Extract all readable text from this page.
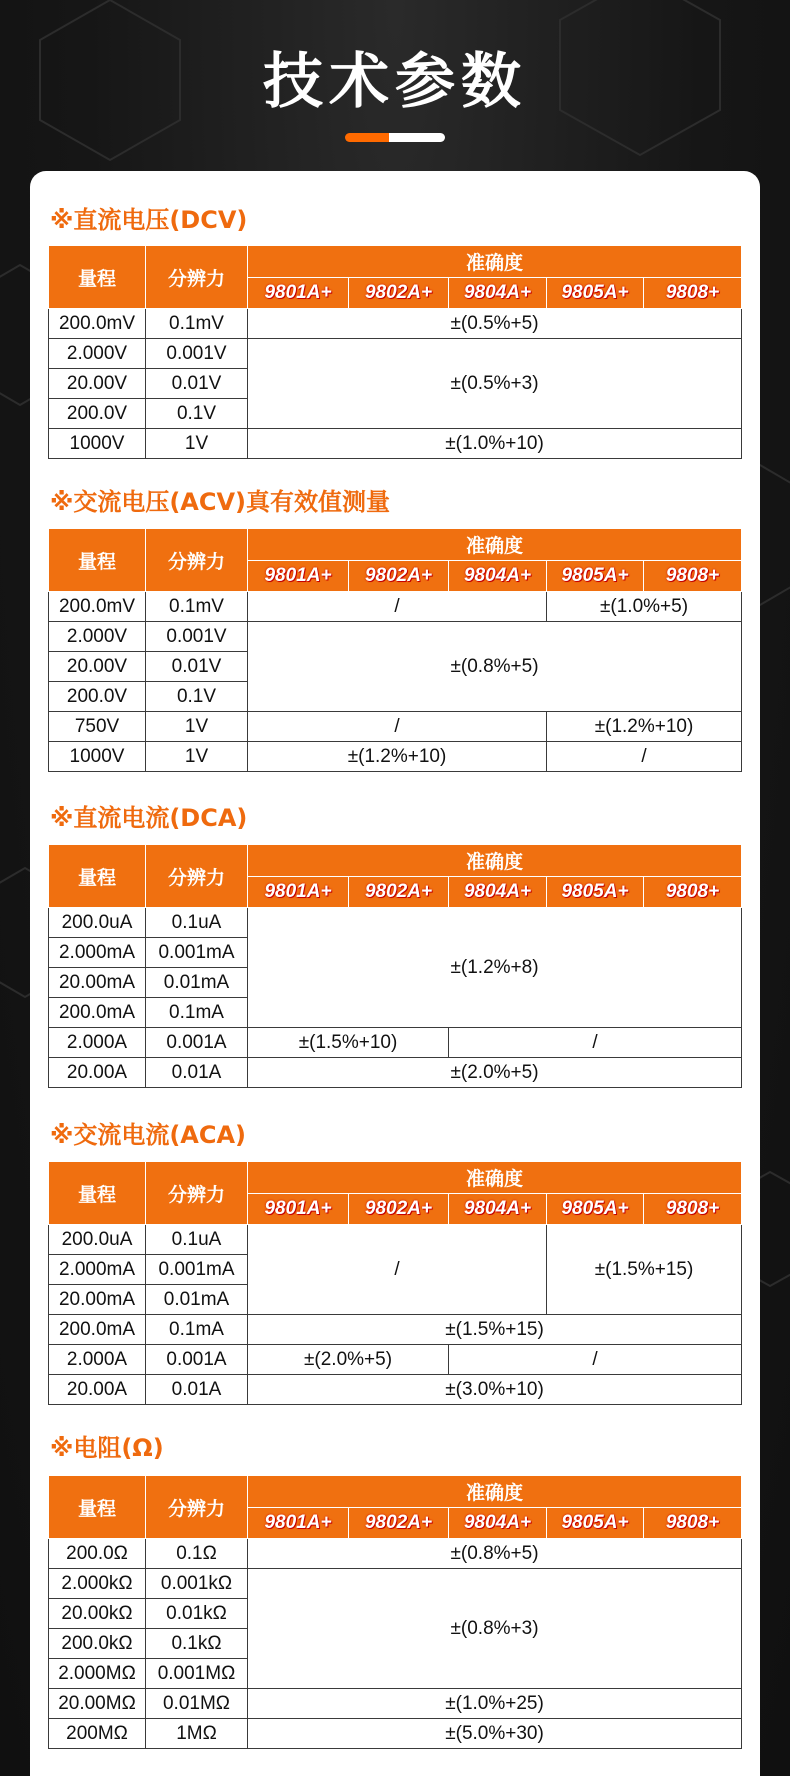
技术参数
※直流电压(DCV)
量程	分辨力	准确度				
		9801A+	9802A+	9804A+	9805A+	9808+
200.0mV	0.1mV	±(0.5%+5)				
2.000V	0.001V	±(0.5%+3)				
20.00V	0.01V					
200.0V	0.1V					
1000V	1V	±(1.0%+10)				
※交流电压(ACV)真有效值测量
量程	分辨力	准确度				
		9801A+	9802A+	9804A+	9805A+	9808+
200.0mV	0.1mV	/			±(1.0%+5)	
2.000V	0.001V	±(0.8%+5)				
20.00V	0.01V					
200.0V	0.1V					
750V	1V	/			±(1.2%+10)	
1000V	1V	±(1.2%+10)			/	
※直流电流(DCA)
量程	分辨力	准确度				
		9801A+	9802A+	9804A+	9805A+	9808+
200.0uA	0.1uA	±(1.2%+8)				
2.000mA	0.001mA					
20.00mA	0.01mA					
200.0mA	0.1mA					
2.000A	0.001A	±(1.5%+10)		/		
20.00A	0.01A	±(2.0%+5)				
※交流电流(ACA)
量程	分辨力	准确度				
		9801A+	9802A+	9804A+	9805A+	9808+
200.0uA	0.1uA	/			±(1.5%+15)	
2.000mA	0.001mA					
20.00mA	0.01mA					
200.0mA	0.1mA	±(1.5%+15)				
2.000A	0.001A	±(2.0%+5)		/		
20.00A	0.01A	±(3.0%+10)				
※电阻(Ω)
量程	分辨力	准确度				
		9801A+	9802A+	9804A+	9805A+	9808+
200.0Ω	0.1Ω	±(0.8%+5)				
2.000kΩ	0.001kΩ	±(0.8%+3)				
20.00kΩ	0.01kΩ					
200.0kΩ	0.1kΩ					
2.000MΩ	0.001MΩ					
20.00MΩ	0.01MΩ	±(1.0%+25)				
200MΩ	1MΩ	±(5.0%+30)				
